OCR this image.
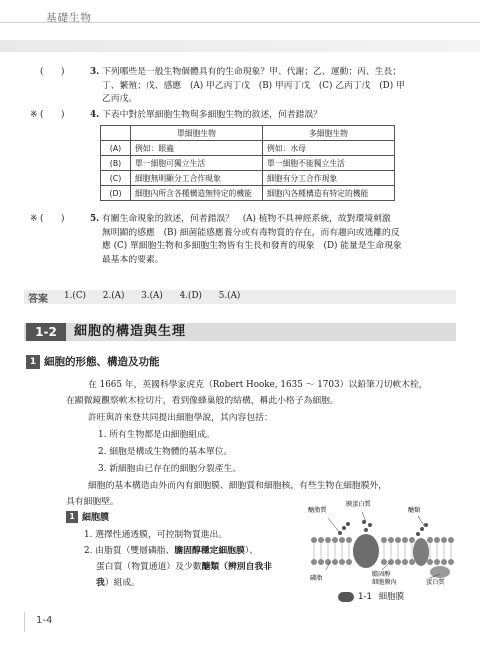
基礎生物
(　　)	3. 下列哪些是一般生物個體具有的生命現象？甲、代謝；乙、運動；丙、生長；
丁、繁殖；戊、感應　(A) 甲乙丙丁戊　(B) 甲丙丁戊　(C) 乙丙丁戊　(D) 甲
乙丙戊。
※ (　　)	4. 下表中對於單細胞生物與多細胞生物的敘述，何者錯誤？
	單細胞生物	多細胞生物
(A)	例如：眼蟲	例如：水母
(B)	單一細胞可獨立生活	單一細胞不能獨立生活
(C)	細胞無明顯分工合作現象	細胞有分工合作現象
(D)	細胞內所含各種構造無特定的機能	細胞內各種構造有特定的機能
※ (　　)	5. 有關生命現象的敘述，何者錯誤？　(A) 植物不具神經系統，故對環境刺激
無明顯的感應　(B) 細菌能感應養分或有毒物質的存在，而有趨向或逃離的反
應 (C) 單細胞生物和多細胞生物皆有生長和發育的現象　(D) 能量是生命現象
最基本的要素。
答案 1.(C) 2.(A) 3.(A) 4.(D) 5.(A)
1-2	細胞的構造與生理
1 細胞的形態、構造及功能
在 1665 年，英國科學家虎克（Robert Hooke, 1635 ～ 1703）以鉛筆刀切軟木栓，
在顯微鏡觀察軟木栓切片，看到像蜂巢般的結構，稱此小格子為細胞。
許旺與許來登共同提出細胞學說，其內容包括：
1. 所有生物都是由細胞組成。
2. 細胞是構成生物體的基本單位。
3. 新細胞由已存在的細胞分裂產生。
細胞的基本構造由外而內有細胞膜、細胞質和細胞核，有些生物在細胞膜外，
具有細胞壁。
1 細胞膜
1. 選擇性通透膜，可控制物質進出。
2. 由脂質（雙層磷脂、膽固醇穩定細胞膜）、
蛋白質（物質通道）及少數醣類（辨別自我非
我）組成。
醣脂質
膜蛋白質
醣類
磷脂
膽固醇
細胞膜內	蛋白質
1-1 細胞膜
1-4
